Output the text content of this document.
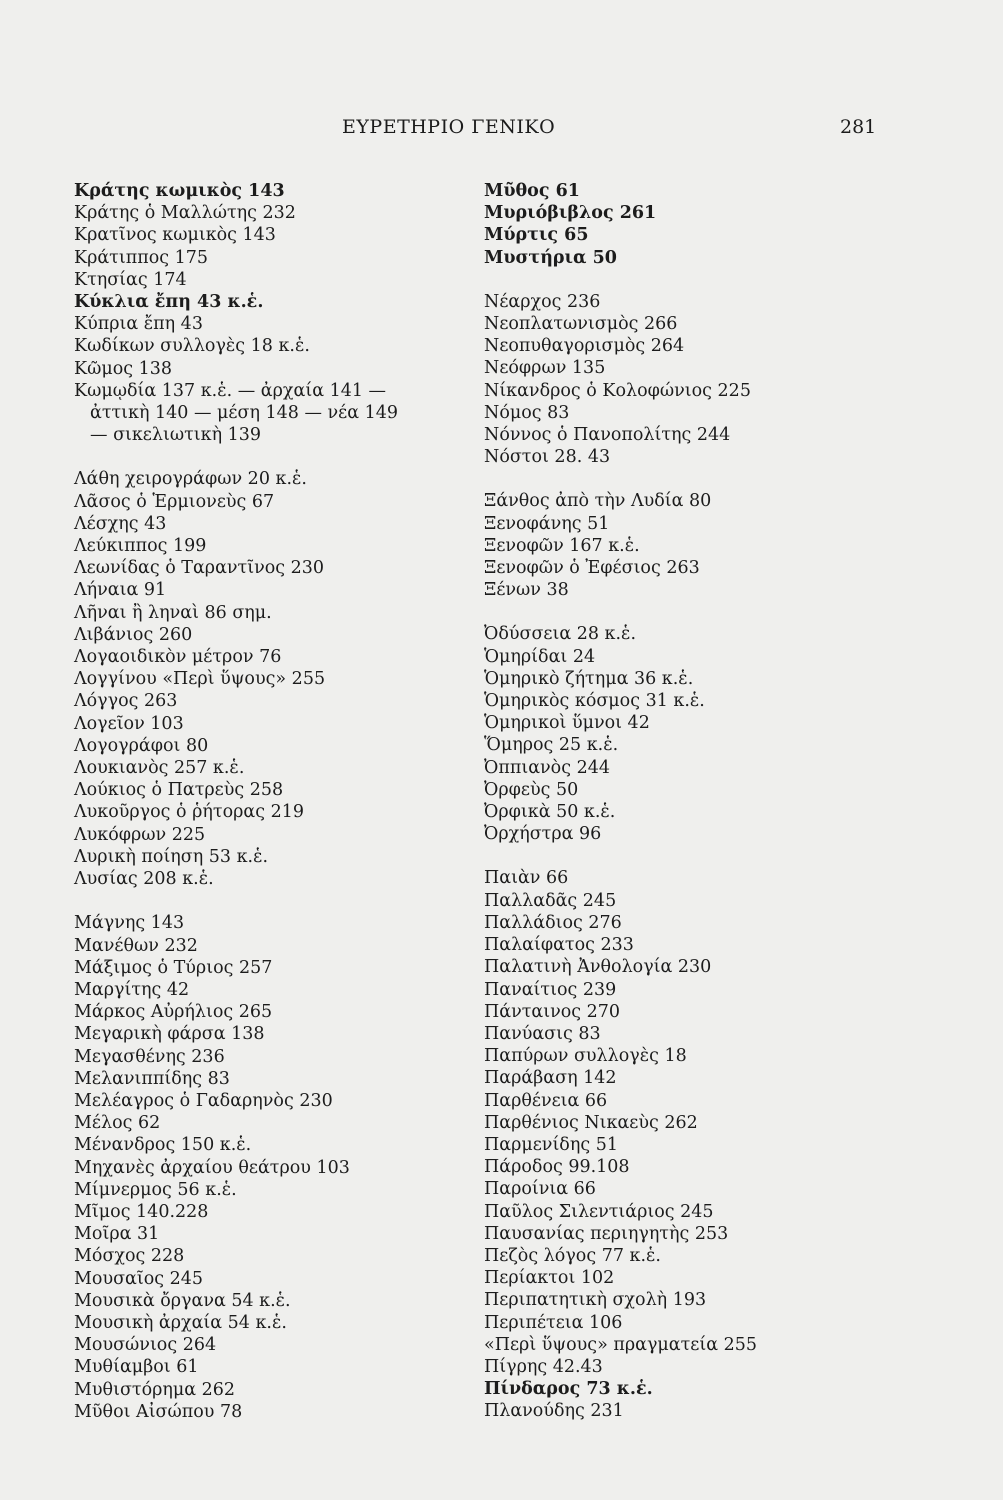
ΕΥΡΕΤΗΡΙΟ ΓΕΝΙΚΟ	281
Κράτης κωμικὸς 143
Κράτης ὁ Μαλλώτης 232
Κρατῖνος κωμικὸς 143
Κράτιππος 175
Κτησίας 174
Κύκλια ἔπη 43 κ.ἑ.
Κύπρια ἔπη 43
Κωδίκων συλλογὲς 18 κ.ἑ.
Κῶμος 138
Κωμῳδία 137 κ.ἑ. — ἀρχαία 141 —
ἀττικὴ 140 — μέση 148 — νέα 149
— σικελιωτικὴ 139
Λάθη χειρογράφων 20 κ.ἑ.
Λᾶσος ὁ Ἑρμιονεὺς 67
Λέσχης 43
Λεύκιππος 199
Λεωνίδας ὁ Ταραντῖνος 230
Λήναια 91
Λῆναι ἢ ληναὶ 86 σημ.
Λιβάνιος 260
Λογαοιδικὸν μέτρον 76
Λογγίνου «Περὶ ὕψους» 255
Λόγγος 263
Λογεῖον 103
Λογογράφοι 80
Λουκιανὸς 257 κ.ἑ.
Λούκιος ὁ Πατρεὺς 258
Λυκοῦργος ὁ ῥήτορας 219
Λυκόφρων 225
Λυρικὴ ποίηση 53 κ.ἑ.
Λυσίας 208 κ.ἑ.
Μάγνης 143
Μανέθων 232
Μάξιμος ὁ Τύριος 257
Μαργίτης 42
Μάρκος Αὐρήλιος 265
Μεγαρικὴ φάρσα 138
Μεγασθένης 236
Μελανιππίδης 83
Μελέαγρος ὁ Γαδαρηνὸς 230
Μέλος 62
Μένανδρος 150 κ.ἑ.
Μηχανὲς ἀρχαίου θεάτρου 103
Μίμνερμος 56 κ.ἑ.
Μῖμος 140.228
Μοῖρα 31
Μόσχος 228
Μουσαῖος 245
Μουσικὰ ὄργανα 54 κ.ἑ.
Μουσικὴ ἀρχαία 54 κ.ἑ.
Μουσώνιος 264
Μυθίαμβοι 61
Μυθιστόρημα 262
Μῦθοι Αἰσώπου 78
Μῦθος 61
Μυριόβιβλος 261
Μύρτις 65
Μυστήρια 50
Νέαρχος 236
Νεοπλατωνισμὸς 266
Νεοπυθαγορισμὸς 264
Νεόφρων 135
Νίκανδρος ὁ Κολοφώνιος 225
Νόμος 83
Νόννος ὁ Πανοπολίτης 244
Νόστοι 28. 43
Ξάνθος ἀπὸ τὴν Λυδία 80
Ξενοφάνης 51
Ξενοφῶν 167 κ.ἑ.
Ξενοφῶν ὁ Ἐφέσιος 263
Ξένων 38
Ὀδύσσεια 28 κ.ἑ.
Ὁμηρίδαι 24
Ὁμηρικὸ ζήτημα 36 κ.ἑ.
Ὁμηρικὸς κόσμος 31 κ.ἑ.
Ὁμηρικοὶ ὕμνοι 42
Ὅμηρος 25 κ.ἑ.
Ὀππιανὸς 244
Ὀρφεὺς 50
Ὀρφικὰ 50 κ.ἑ.
Ὀρχήστρα 96
Παιὰν 66
Παλλαδᾶς 245
Παλλάδιος 276
Παλαίφατος 233
Παλατινὴ Ἀνθολογία 230
Παναίτιος 239
Πάνταινος 270
Πανύασις 83
Παπύρων συλλογὲς 18
Παράβαση 142
Παρθένεια 66
Παρθένιος Νικαεὺς 262
Παρμενίδης 51
Πάροδος 99.108
Παροίνια 66
Παῦλος Σιλεντιάριος 245
Παυσανίας περιηγητὴς 253
Πεζὸς λόγος 77 κ.ἑ.
Περίακτοι 102
Περιπατητικὴ σχολὴ 193
Περιπέτεια 106
«Περὶ ὕψους» πραγματεία 255
Πίγρης 42.43
Πίνδαρος 73 κ.ἑ.
Πλανούδης 231
